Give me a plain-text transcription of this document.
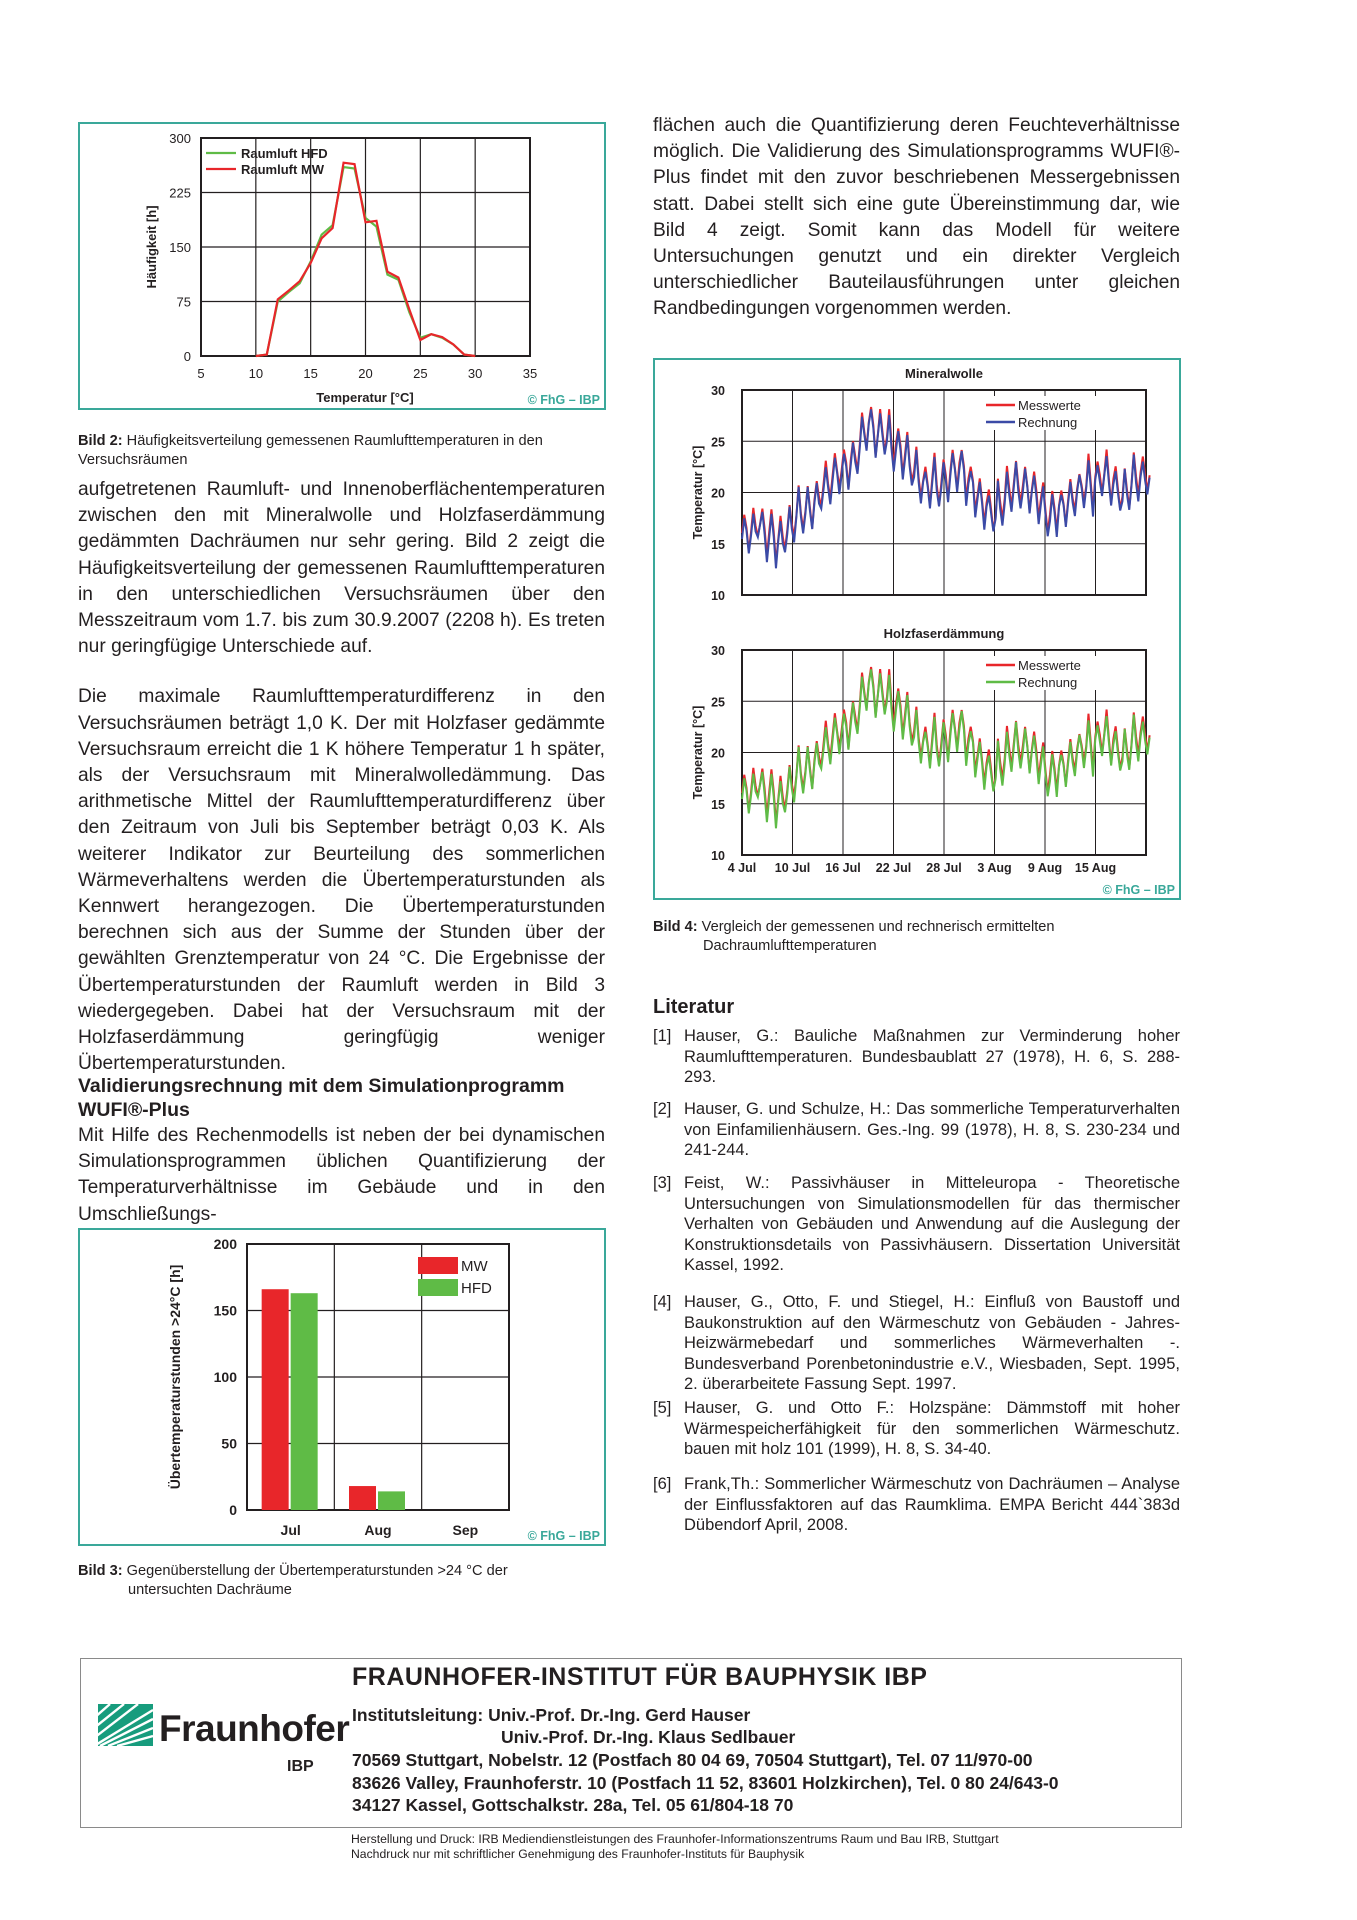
5	10	15	20	25	30	35
0
75
150
225
300
Raumluft HFD
Raumluft MW
Temperatur [°C]
Häufigkeit [h]
© FhG – IBP
Bild 2: Häufigkeitsverteilung gemessenen Raumlufttemperaturen in den
Versuchsräumen

aufgetretenen Raumluft- und Innenoberflächentemperaturen zwischen den mit Mineralwolle und Holzfaserdämmung gedämmten Dachräumen nur sehr gering. Bild 2 zeigt die Häufigkeitsverteilung der gemessenen Raumlufttemperaturen in den unterschiedlichen Versuchsräumen über den Messzeitraum vom 1.7. bis zum 30.9.2007 (2208 h). Es treten nur geringfügige Unterschiede auf.

Die maximale Raumlufttemperaturdifferenz in den Versuchsräumen beträgt 1,0 K. Der mit Holzfaser gedämmte Versuchsraum erreicht die 1 K höhere Temperatur 1 h später, als der Versuchsraum mit Mineralwolledämmung. Das arithmetische Mittel der Raumlufttemperaturdifferenz über den Zeitraum von Juli bis September beträgt 0,03 K. Als weiterer Indikator zur Beurteilung des sommerlichen Wärmeverhaltens werden die Übertemperaturstunden als Kennwert herangezogen. Die Übertemperaturstunden berechnen sich aus der Summe der Stunden über der gewählten Grenztemperatur von 24 °C. Die Ergebnisse der Übertemperaturstunden der Raumluft werden in Bild 3 wiedergegeben. Dabei hat der Versuchsraum mit der Holzfaserdämmung geringfügig weniger Übertemperaturstunden.

Validierungsrechnung mit dem Simulationprogramm WUFI®-Plus
Mit Hilfe des Rechenmodells ist neben der bei dynamischen Simulationsprogrammen üblichen Quantifizierung der Temperaturverhältnisse im Gebäude und in den Umschließungs-
0
50
100
150
200
Jul	Aug	Sep
MW
HFD
Übertemperaturstunden >24°C [h]
© FhG – IBP
Bild 3: Gegenüberstellung der Übertemperaturstunden >24 °C der
untersuchten Dachräume
flächen auch die Quantifizierung deren Feuchteverhältnisse möglich. Die Validierung des Simulationsprogramms WUFI®-Plus findet mit den zuvor beschriebenen Messergebnissen statt. Dabei stellt sich eine gute Übereinstimmung dar, wie Bild 4 zeigt. Somit kann das Modell für weitere Untersuchungen genutzt und ein direkter Vergleich unterschiedlicher Bauteilausführungen unter gleichen Randbedingungen vorgenommen werden.
10
15
20
25
30
Messwerte
Rechnung
Mineralwolle
Temperatur [°C]
10
15
20
25
30
Messwerte
Rechnung
Holzfaserdämmung
Temperatur [°C]
4 Jul 10 Jul 16 Jul 22 Jul 28 Jul 3 Aug 9 Aug 15 Aug
© FhG – IBP
Bild 4: Vergleich der gemessenen und rechnerisch ermittelten
Dachraumlufttemperaturen
Literatur
[1] Hauser, G.: Bauliche Maßnahmen zur Verminderung hoher Raumlufttemperaturen. Bundesbaublatt 27 (1978), H. 6, S. 288-293.
[2] Hauser, G. und Schulze, H.: Das sommerliche Temperaturverhalten von Einfamilienhäusern. Ges.-Ing. 99 (1978), H. 8, S. 230-234 und 241-244.
[3] Feist, W.: Passivhäuser in Mitteleuropa - Theoretische Untersuchungen von Simulationsmodellen für das thermischer Verhalten von Gebäuden und Anwendung auf die Auslegung der Konstruktionsdetails von Passivhäusern. Dissertation Universität Kassel, 1992.
[4] Hauser, G., Otto, F. und Stiegel, H.: Einfluß von Baustoff und Baukonstruktion auf den Wärmeschutz von Gebäuden - Jahres-Heizwärmebedarf und sommerliches Wärmeverhalten -. Bundesverband Porenbetonindustrie e.V., Wiesbaden, Sept. 1995, 2. überarbeitete Fassung Sept. 1997.
[5] Hauser, G. und Otto F.: Holzspäne: Dämmstoff mit hoher Wärmespeicherfähigkeit für den sommerlichen Wärmeschutz. bauen mit holz 101 (1999), H. 8, S. 34-40.
[6] Frank,Th.: Sommerlicher Wärmeschutz von Dachräumen – Analyse der Einflussfaktoren auf das Raumklima. EMPA Bericht 444`383d Dübendorf April, 2008.
Fraunhofer
IBP
FRAUNHOFER-INSTITUT FÜR BAUPHYSIK IBP
Institutsleitung: Univ.-Prof. Dr.-Ing. Gerd Hauser
Univ.-Prof. Dr.-Ing. Klaus Sedlbauer
70569 Stuttgart, Nobelstr. 12 (Postfach 80 04 69, 70504 Stuttgart), Tel. 07 11/970-00
83626 Valley, Fraunhoferstr. 10 (Postfach 11 52, 83601 Holzkirchen), Tel. 0 80 24/643-0
34127 Kassel, Gottschalkstr. 28a, Tel. 05 61/804-18 70
Herstellung und Druck: IRB Mediendienstleistungen des Fraunhofer-Informationszentrums Raum und Bau IRB, Stuttgart
Nachdruck nur mit schriftlicher Genehmigung des Fraunhofer-Instituts für Bauphysik
